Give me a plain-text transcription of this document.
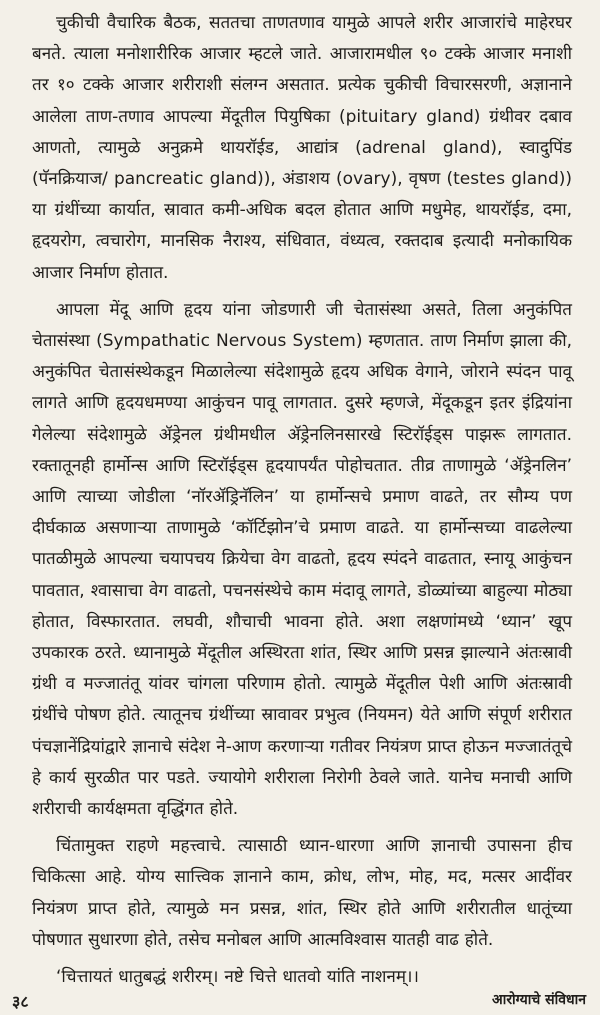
चुकीची वैचारिक बैठक, सततचा ताणतणाव यामुळे आपले शरीर आजारांचे माहेरघर बनते. त्याला मनोशारीरिक आजार म्हटले जाते. आजारामधील ९० टक्के आजार मनाशी तर १० टक्के आजार शरीराशी संलग्न असतात. प्रत्येक चुकीची विचारसरणी, अज्ञानाने आलेला ताण-तणाव आपल्या मेंदूतील पियुषिका (pituitary gland) ग्रंथीवर दबाव आणतो, त्यामुळे अनुक्रमे थायरॉईड, आद्यांत्र (adrenal gland), स्वादुपिंड (पॅनक्रियाज/ pancreatic gland)), अंडाशय (ovary), वृषण (testes gland)) या ग्रंथींच्या कार्यात, स्रावात कमी-अधिक बदल होतात आणि मधुमेह, थायरॉईड, दमा, हृदयरोग, त्वचारोग, मानसिक नैराश्य, संधिवात, वंध्यत्व, रक्तदाब इत्यादी मनोकायिक आजार निर्माण होतात.

आपला मेंदू आणि हृदय यांना जोडणारी जी चेतासंस्था असते, तिला अनुकंपित चेतासंस्था (Sympathatic Nervous System) म्हणतात. ताण निर्माण झाला की, अनुकंपित चेतासंस्थेकडून मिळालेल्या संदेशामुळे हृदय अधिक वेगाने, जोराने स्पंदन पावू लागते आणि हृदयधमण्या आकुंचन पावू लागतात. दुसरे म्हणजे, मेंदूकडून इतर इंद्रियांना गेलेल्या संदेशामुळे ॲड्रेनल ग्रंथीमधील ॲड्रेनलिनसारखे स्टिरॉईड्स पाझरू लागतात. रक्तातूनही हार्मोन्स आणि स्टिरॉईड्स हृदयापर्यंत पोहोचतात. तीव्र ताणामुळे ‘ॲड्रेनलिन’ आणि त्याच्या जोडीला ‘नॉरॲड्रिनॅलिन’ या हार्मोन्सचे प्रमाण वाढते, तर सौम्य पण दीर्घकाळ असणाऱ्या ताणामुळे ‘कॉर्टिझोन’चे प्रमाण वाढते. या हार्मोन्सच्या वाढलेल्या पातळीमुळे आपल्या चयापचय क्रियेचा वेग वाढतो, हृदय स्पंदने वाढतात, स्नायू आकुंचन पावतात, श्वासाचा वेग वाढतो, पचनसंस्थेचे काम मंदावू लागते, डोळ्यांच्या बाहुल्या मोठ्या होतात, विस्फारतात. लघवी, शौचाची भावना होते. अशा लक्षणांमध्ये ‘ध्यान’ खूप उपकारक ठरते. ध्यानामुळे मेंदूतील अस्थिरता शांत, स्थिर आणि प्रसन्न झाल्याने अंतःस्रावी ग्रंथी व मज्जातंतू यांवर चांगला परिणाम होतो. त्यामुळे मेंदूतील पेशी आणि अंतःस्रावी ग्रंथींचे पोषण होते. त्यातूनच ग्रंथींच्या स्रावावर प्रभुत्व (नियमन) येते आणि संपूर्ण शरीरात पंचज्ञानेंद्रियांद्वारे ज्ञानाचे संदेश ने-आण करणाऱ्या गतीवर नियंत्रण प्राप्त होऊन मज्जातंतूचे हे कार्य सुरळीत पार पडते. ज्यायोगे शरीराला निरोगी ठेवले जाते. यानेच मनाची आणि शरीराची कार्यक्षमता वृद्धिंगत होते.

चिंतामुक्त राहणे महत्त्वाचे. त्यासाठी ध्यान-धारणा आणि ज्ञानाची उपासना हीच चिकित्सा आहे. योग्य सात्त्विक ज्ञानाने काम, क्रोध, लोभ, मोह, मद, मत्सर आदींवर नियंत्रण प्राप्त होते, त्यामुळे मन प्रसन्न, शांत, स्थिर होते आणि शरीरातील धातूंच्या पोषणात सुधारणा होते, तसेच मनोबल आणि आत्मविश्वास यातही वाढ होते.

‘चित्तायतं धातुबद्धं शरीरम्‌। नष्टे चित्ते धातवो यांति नाशनम्‌।।

३८	आरोग्याचे संविधान
